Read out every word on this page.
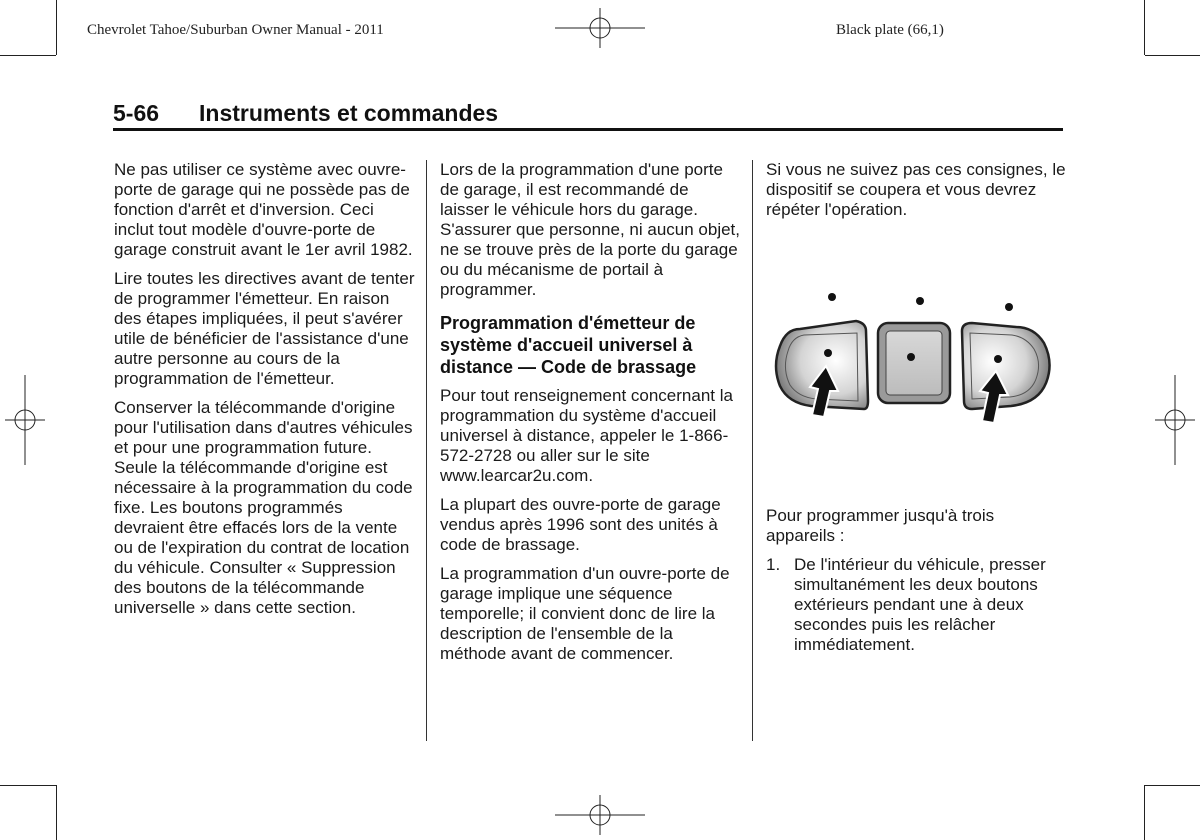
Chevrolet Tahoe/Suburban Owner Manual - 2011	Black plate (66,1)
5-66 Instruments et commandes

Ne pas utiliser ce système avec ouvre-porte de garage qui ne possède pas de fonction d'arrêt et d'inversion. Ceci inclut tout modèle d'ouvre-porte de garage construit avant le 1er avril 1982.

Lire toutes les directives avant de tenter de programmer l'émetteur. En raison des étapes impliquées, il peut s'avérer utile de bénéficier de l'assistance d'une autre personne au cours de la programmation de l'émetteur.

Conserver la télécommande d'origine pour l'utilisation dans d'autres véhicules et pour une programmation future. Seule la télécommande d'origine est nécessaire à la programmation du code fixe. Les boutons programmés devraient être effacés lors de la vente ou de l'expiration du contrat de location du véhicule. Consulter « Suppression des boutons de la télécommande universelle » dans cette section.

Lors de la programmation d'une porte de garage, il est recommandé de laisser le véhicule hors du garage. S'assurer que personne, ni aucun objet, ne se trouve près de la porte du garage ou du mécanisme de portail à programmer.

Programmation d'émetteur de système d'accueil universel à distance — Code de brassage

Pour tout renseignement concernant la programmation du système d'accueil universel à distance, appeler le 1-866-572-2728 ou aller sur le site www.learcar2u.com.

La plupart des ouvre-porte de garage vendus après 1996 sont des unités à code de brassage.

La programmation d'un ouvre-porte de garage implique une séquence temporelle; il convient donc de lire la description de l'ensemble de la méthode avant de commencer.

Si vous ne suivez pas ces consignes, le dispositif se coupera et vous devrez répéter l'opération.

Pour programmer jusqu'à trois appareils :

1. De l'intérieur du véhicule, presser simultanément les deux boutons extérieurs pendant une à deux secondes puis les relâcher immédiatement.
